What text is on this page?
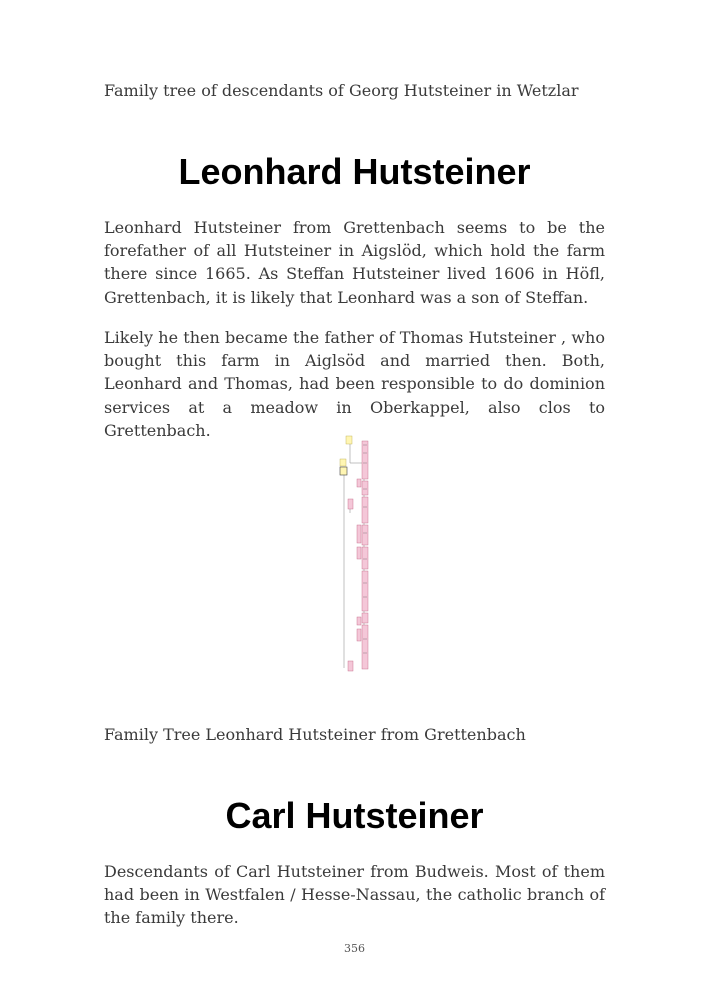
Family tree of descendants of Georg Hutsteiner in Wetzlar
Leonhard Hutsteiner
Leonhard Hutsteiner from Grettenbach seems to be the forefather of all Hutsteiner in Aigslöd, which hold the farm there since 1665. As Steffan Hutsteiner lived 1606 in Höfl, Grettenbach, it is likely that Leonhard was a son of Steffan.
Likely he then became the father of Thomas Hutsteiner , who bought this farm in Aiglsöd and married then. Both, Leonhard and Thomas, had been responsible to do dominion services at a meadow in Oberkappel, also clos to Grettenbach.
Family Tree Leonhard Hutsteiner from Grettenbach
Carl Hutsteiner
Descendants of Carl Hutsteiner from Budweis. Most of them had been in Westfalen / Hesse-Nassau, the catholic branch of the family there.
356
